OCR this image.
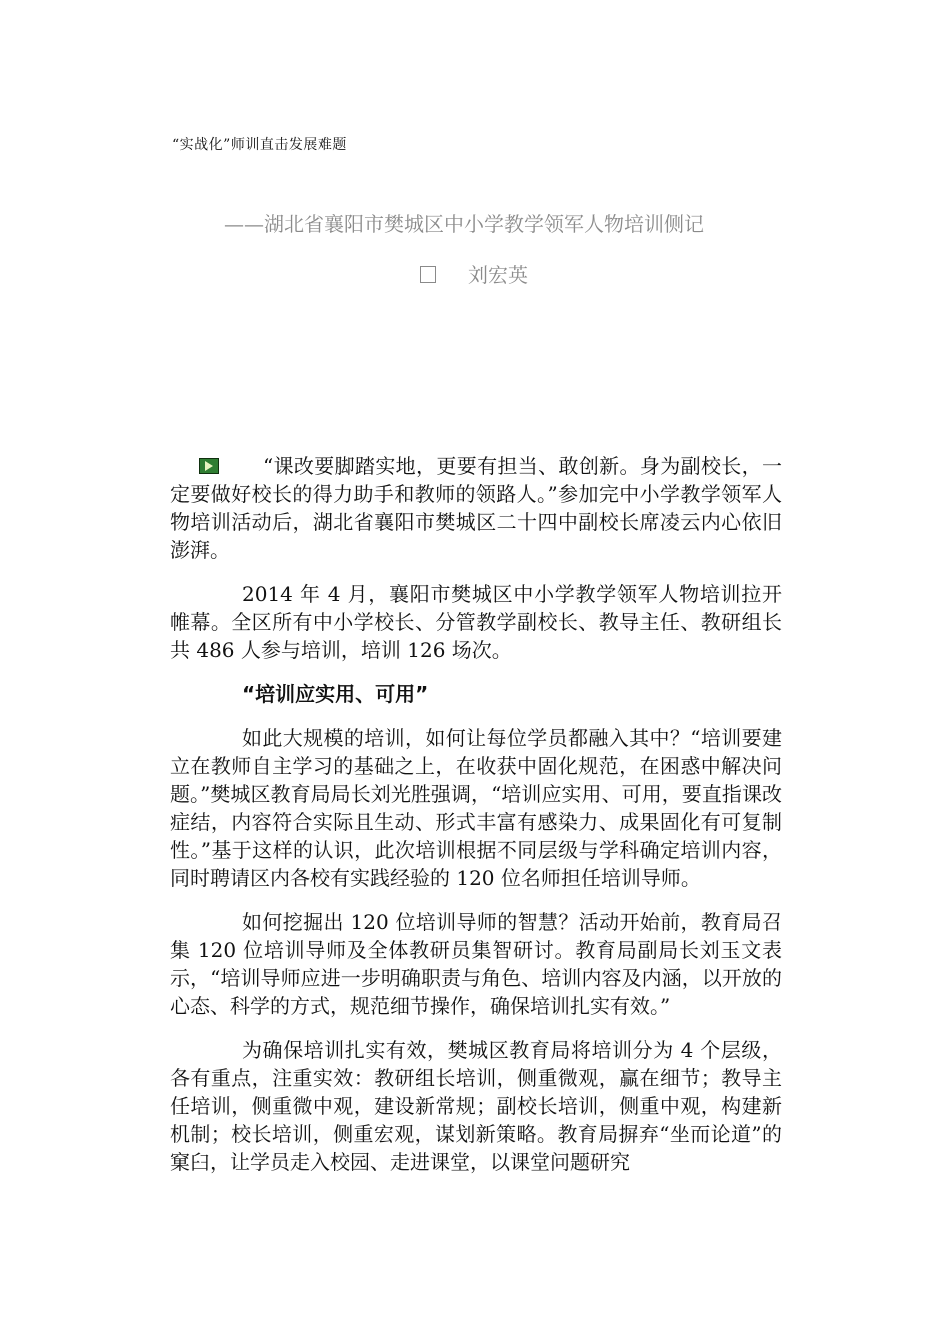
“实战化”师训直击发展难题
——湖北省襄阳市樊城区中小学教学领军人物培训侧记
刘宏英

“课改要脚踏实地，更要有担当、敢创新。身为副校长，一定要做好校长的得力助手和教师的领路人。”参加完中小学教学领军人物培训活动后，湖北省襄阳市樊城区二十四中副校长席凌云内心依旧澎湃。

2014 年 4 月，襄阳市樊城区中小学教学领军人物培训拉开帷幕。全区所有中小学校长、分管教学副校长、教导主任、教研组长共 486 人参与培训，培训 126 场次。

“培训应实用、可用”

如此大规模的培训，如何让每位学员都融入其中？“培训要建立在教师自主学习的基础之上，在收获中固化规范，在困惑中解决问题。”樊城区教育局局长刘光胜强调，“培训应实用、可用，要直指课改症结，内容符合实际且生动、形式丰富有感染力、成果固化有可复制性。”基于这样的认识，此次培训根据不同层级与学科确定培训内容，同时聘请区内各校有实践经验的 120 位名师担任培训导师。

如何挖掘出 120 位培训导师的智慧？活动开始前，教育局召集 120 位培训导师及全体教研员集智研讨。教育局副局长刘玉文表示，“培训导师应进一步明确职责与角色、培训内容及内涵，以开放的心态、科学的方式，规范细节操作，确保培训扎实有效。”

为确保培训扎实有效，樊城区教育局将培训分为 4 个层级，各有重点，注重实效：教研组长培训，侧重微观，赢在细节；教导主任培训，侧重微中观，建设新常规；副校长培训，侧重中观，构建新机制；校长培训，侧重宏观，谋划新策略。教育局摒弃“坐而论道”的窠臼，让学员走入校园、走进课堂，以课堂问题研究
